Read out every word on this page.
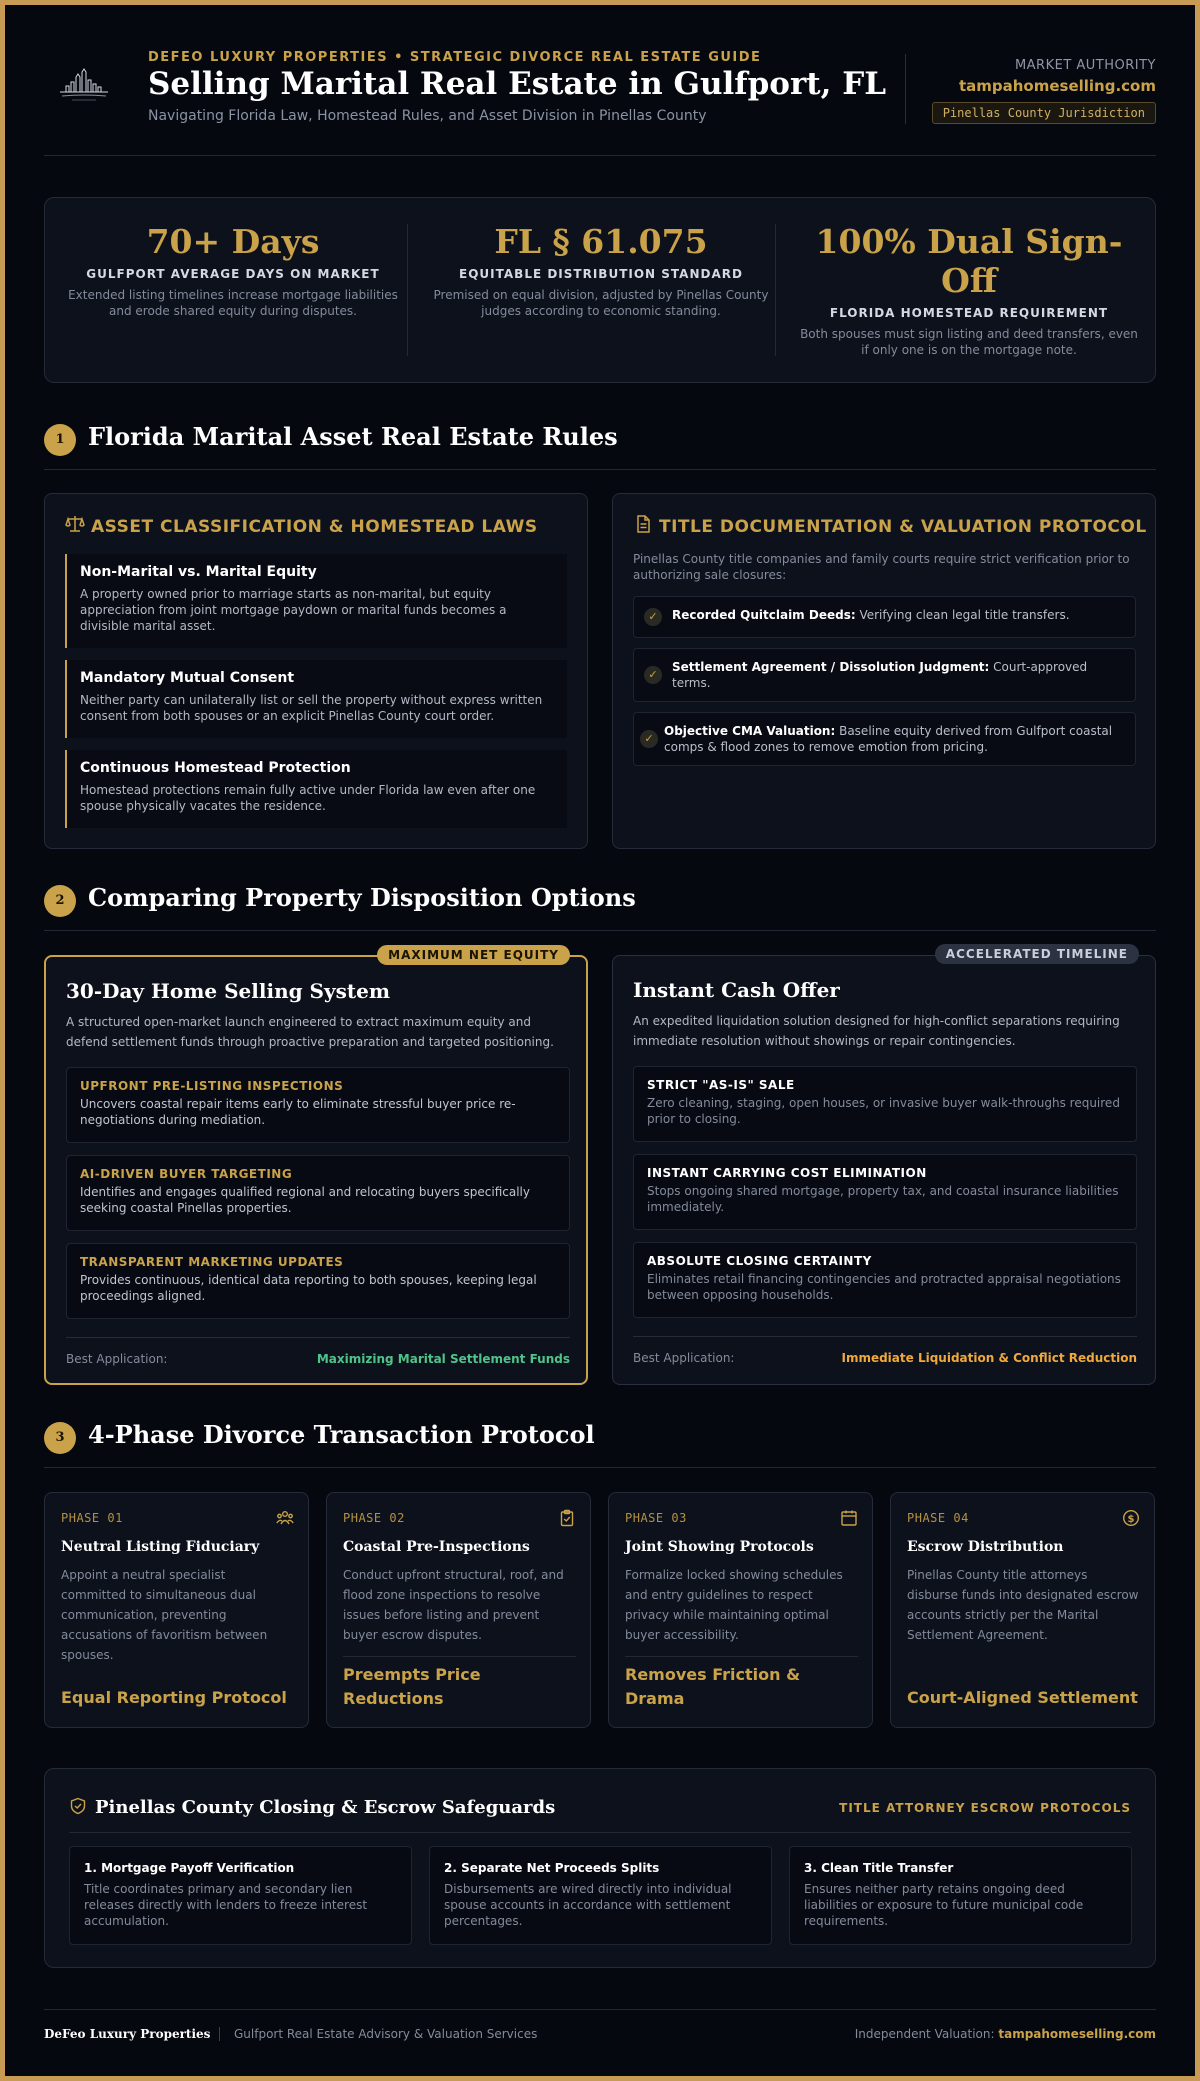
DEFEO LUXURY PROPERTIES • STRATEGIC DIVORCE REAL ESTATE GUIDE
Selling Marital Real Estate in Gulfport, FL
Navigating Florida Law, Homestead Rules, and Asset Division in Pinellas County
MARKET AUTHORITY
tampahomeselling.com
Pinellas County Jurisdiction
70+ Days
GULFPORT AVERAGE DAYS ON MARKET
Extended listing timelines increase mortgage liabilities and erode shared equity during disputes.
FL § 61.075
EQUITABLE DISTRIBUTION STANDARD
Premised on equal division, adjusted by Pinellas County judges according to economic standing.
100% Dual Sign-Off
FLORIDA HOMESTEAD REQUIREMENT
Both spouses must sign listing and deed transfers, even if only one is on the mortgage note.
1 Florida Marital Asset Real Estate Rules
ASSET CLASSIFICATION & HOMESTEAD LAWS
Non-Marital vs. Marital Equity
A property owned prior to marriage starts as non-marital, but equity appreciation from joint mortgage paydown or marital funds becomes a divisible marital asset.
Mandatory Mutual Consent
Neither party can unilaterally list or sell the property without express written consent from both spouses or an explicit Pinellas County court order.
Continuous Homestead Protection
Homestead protections remain fully active under Florida law even after one spouse physically vacates the residence.
TITLE DOCUMENTATION & VALUATION PROTOCOL
Pinellas County title companies and family courts require strict verification prior to authorizing sale closures:
✓	Recorded Quitclaim Deeds: Verifying clean legal title transfers.
✓
Settlement Agreement / Dissolution Judgment: Court-approved terms.
✓
Objective CMA Valuation: Baseline equity derived from Gulfport coastal comps & flood zones to remove emotion from pricing.
2 Comparing Property Disposition Options
MAXIMUM NET EQUITY
30-Day Home Selling System
A structured open-market launch engineered to extract maximum equity and defend settlement funds through proactive preparation and targeted positioning.
UPFRONT PRE-LISTING INSPECTIONS
Uncovers coastal repair items early to eliminate stressful buyer price re-negotiations during mediation.
AI-DRIVEN BUYER TARGETING
Identifies and engages qualified regional and relocating buyers specifically seeking coastal Pinellas properties.
TRANSPARENT MARKETING UPDATES
Provides continuous, identical data reporting to both spouses, keeping legal proceedings aligned.
Best Application:	Maximizing Marital Settlement Funds
ACCELERATED TIMELINE
Instant Cash Offer
An expedited liquidation solution designed for high-conflict separations requiring immediate resolution without showings or repair contingencies.
STRICT "AS-IS" SALE
Zero cleaning, staging, open houses, or invasive buyer walk-throughs required prior to closing.
INSTANT CARRYING COST ELIMINATION
Stops ongoing shared mortgage, property tax, and coastal insurance liabilities immediately.
ABSOLUTE CLOSING CERTAINTY
Eliminates retail financing contingencies and protracted appraisal negotiations between opposing households.
Best Application:	Immediate Liquidation & Conflict Reduction
3 4-Phase Divorce Transaction Protocol
PHASE 01
Neutral Listing Fiduciary
Appoint a neutral specialist committed to simultaneous dual communication, preventing accusations of favoritism between spouses.
Equal Reporting Protocol
PHASE 02
Coastal Pre-Inspections
Conduct upfront structural, roof, and flood zone inspections to resolve issues before listing and prevent buyer escrow disputes.
Preempts Price Reductions
PHASE 03
Joint Showing Protocols
Formalize locked showing schedules and entry guidelines to respect privacy while maintaining optimal buyer accessibility.
Removes Friction & Drama
PHASE 04	$
Escrow Distribution
Pinellas County title attorneys disburse funds into designated escrow accounts strictly per the Marital Settlement Agreement.
Court-Aligned Settlement
Pinellas County Closing & Escrow Safeguards	TITLE ATTORNEY ESCROW PROTOCOLS
1. Mortgage Payoff Verification
Title coordinates primary and secondary lien releases directly with lenders to freeze interest accumulation.
2. Separate Net Proceeds Splits
Disbursements are wired directly into individual spouse accounts in accordance with settlement percentages.
3. Clean Title Transfer
Ensures neither party retains ongoing deed liabilities or exposure to future municipal code requirements.
DeFeo Luxury Properties Gulfport Real Estate Advisory & Valuation Services	Independent Valuation: tampahomeselling.com
